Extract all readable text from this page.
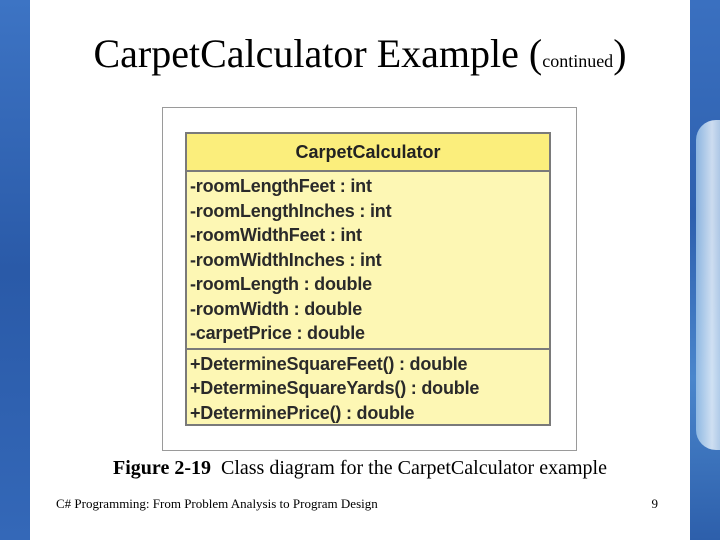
CarpetCalculator Example (continued)
CarpetCalculator
-roomLengthFeet : int
-roomLengthInches : int
-roomWidthFeet : int
-roomWidthInches : int
-roomLength : double
-roomWidth : double
-carpetPrice : double
+DetermineSquareFeet() : double
+DetermineSquareYards() : double
+DeterminePrice() : double
Figure 2-19 Class diagram for the CarpetCalculator example
C# Programming: From Problem Analysis to Program Design	9
